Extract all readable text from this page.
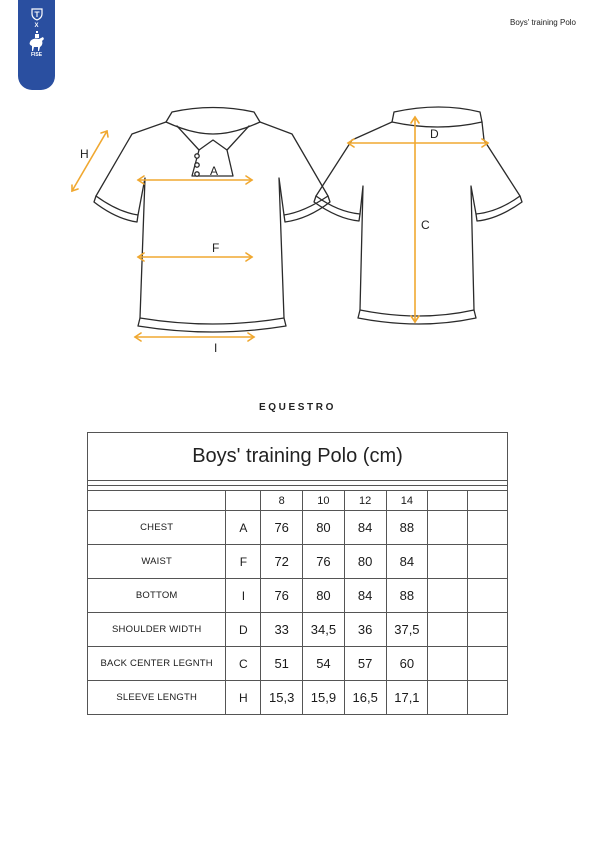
X
FISE
Boys' training Polo
A
F
I
H
D
C
EQUESTRO
Boys' training Polo (cm)							

		8	10	12	14		
CHEST	A	76	80	84	88		
WAIST	F	72	76	80	84		
BOTTOM	I	76	80	84	88		
SHOULDER WIDTH	D	33	34,5	36	37,5		
BACK CENTER LEGNTH	C	51	54	57	60		
SLEEVE LENGTH	H	15,3	15,9	16,5	17,1		
